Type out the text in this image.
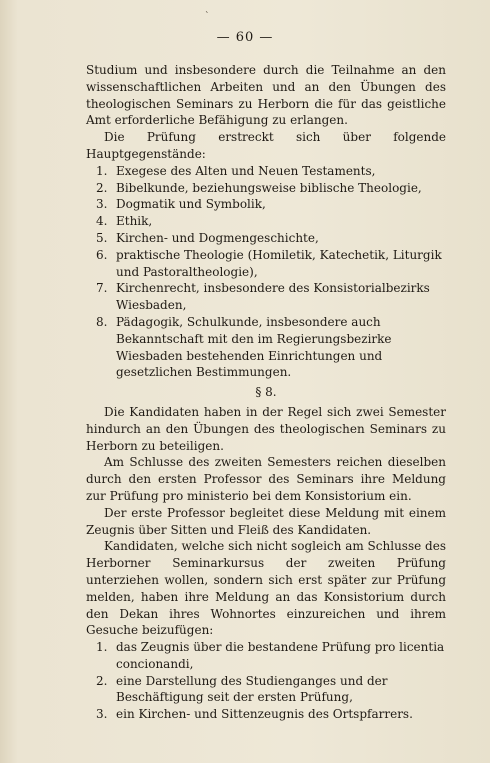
ˋ
— 60 —

Studium und insbesondere durch die Teilnahme an den wissenschaftlichen Arbeiten und an den Übungen des theologischen Seminars zu Herborn die für das geistliche Amt erforderliche Befähigung zu erlangen.

Die Prüfung erstreckt sich über folgende Hauptgegenstände:

1. Exegese des Alten und Neuen Testaments,
2. Bibelkunde, beziehungsweise biblische Theologie,
3. Dogmatik und Symbolik,
4. Ethik,
5. Kirchen- und Dogmengeschichte,
6. praktische Theologie (Homiletik, Katechetik, Liturgik und Pastoraltheologie),
7. Kirchenrecht, insbesondere des Konsistorialbezirks Wiesbaden,
8. Pädagogik, Schulkunde, insbesondere auch Bekanntschaft mit den im Regierungsbezirke Wiesbaden bestehenden Einrichtungen und gesetzlichen Bestimmungen.
§ 8.

Die Kandidaten haben in der Regel sich zwei Semester hindurch an den Übungen des theologischen Seminars zu Herborn zu beteiligen.

Am Schlusse des zweiten Semesters reichen dieselben durch den ersten Professor des Seminars ihre Meldung zur Prüfung pro ministerio bei dem Konsistorium ein.

Der erste Professor begleitet diese Meldung mit einem Zeugnis über Sitten und Fleiß des Kandidaten.

Kandidaten, welche sich nicht sogleich am Schlusse des Herborner Seminarkursus der zweiten Prüfung unterziehen wollen, sondern sich erst später zur Prüfung melden, haben ihre Meldung an das Konsistorium durch den Dekan ihres Wohnortes einzureichen und ihrem Gesuche beizufügen:

1. das Zeugnis über die bestandene Prüfung pro licentia concionandi,
2. eine Darstellung des Studienganges und der Beschäftigung seit der ersten Prüfung,
3. ein Kirchen- und Sittenzeugnis des Ortspfarrers.
